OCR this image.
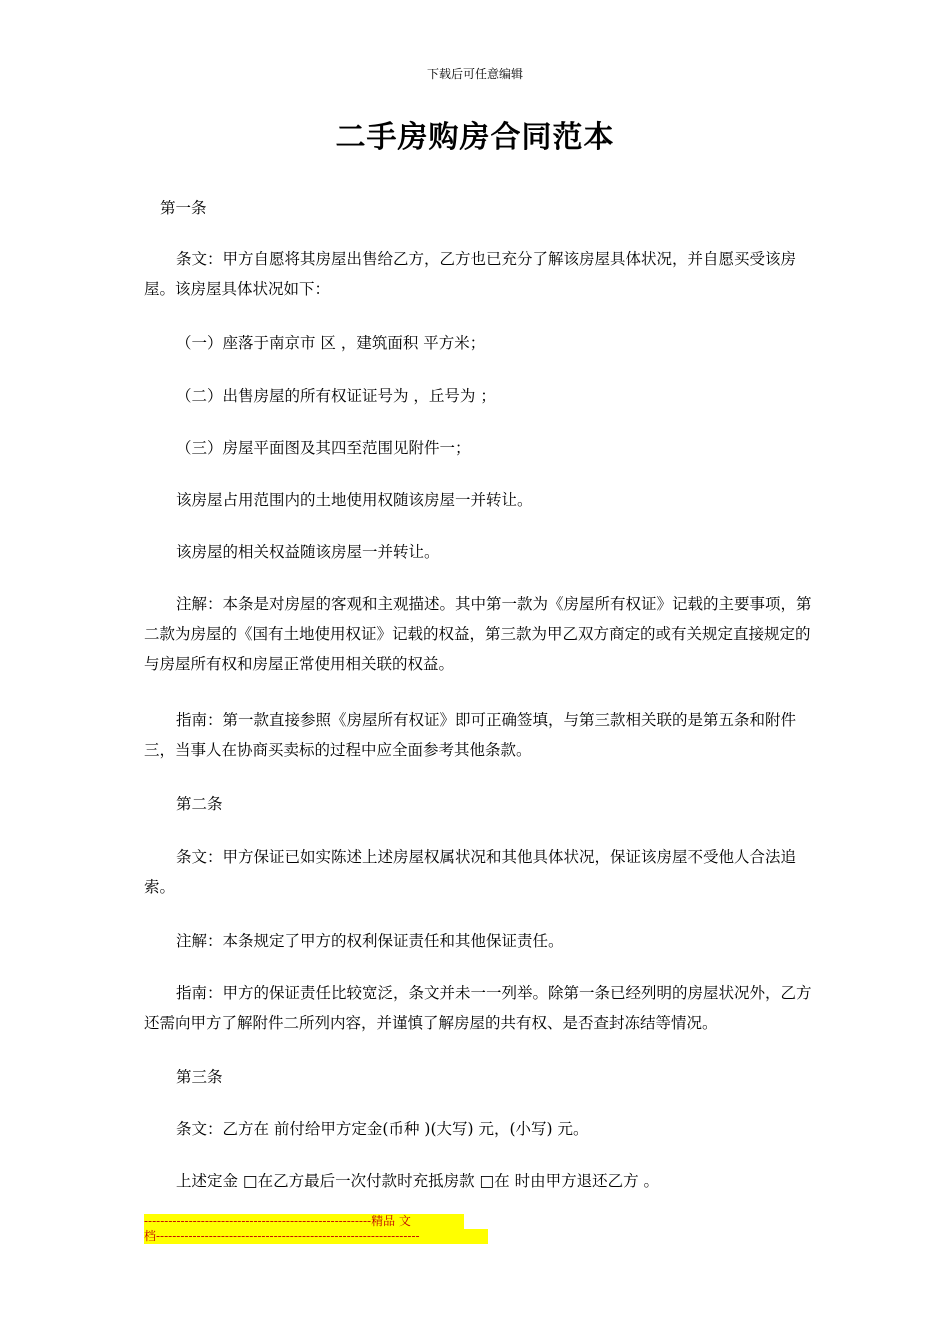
下载后可任意编辑
二手房购房合同范本
第一条

条文：甲方自愿将其房屋出售给乙方，乙方也已充分了解该房屋具体状况，并自愿买受该房屋。该房屋具体状况如下：

（一）座落于南京市 区 ，建筑面积 平方米；

（二）出售房屋的所有权证证号为 ，丘号为 ；

（三）房屋平面图及其四至范围见附件一；

该房屋占用范围内的土地使用权随该房屋一并转让。

该房屋的相关权益随该房屋一并转让。

注解：本条是对房屋的客观和主观描述。其中第一款为《房屋所有权证》记载的主要事项，第二款为房屋的《国有土地使用权证》记载的权益，第三款为甲乙双方商定的或有关规定直接规定的与房屋所有权和房屋正常使用相关联的权益。

指南：第一款直接参照《房屋所有权证》即可正确签填，与第三款相关联的是第五条和附件三，当事人在协商买卖标的过程中应全面参考其他条款。

第二条

条文：甲方保证已如实陈述上述房屋权属状况和其他具体状况，保证该房屋不受他人合法追索。

注解：本条规定了甲方的权利保证责任和其他保证责任。

指南：甲方的保证责任比较宽泛，条文并未一一列举。除第一条已经列明的房屋状况外，乙方还需向甲方了解附件二所列内容，并谨慎了解房屋的共有权、是否查封冻结等情况。

第三条

条文：乙方在 前付给甲方定金(币种 )(大写) 元，(小写) 元。

上述定金 □在乙方最后一次付款时充抵房款 □在 时由甲方退还乙方 。

--------------------------------------------------------精品 文
档-----------------------------------------------------------------
